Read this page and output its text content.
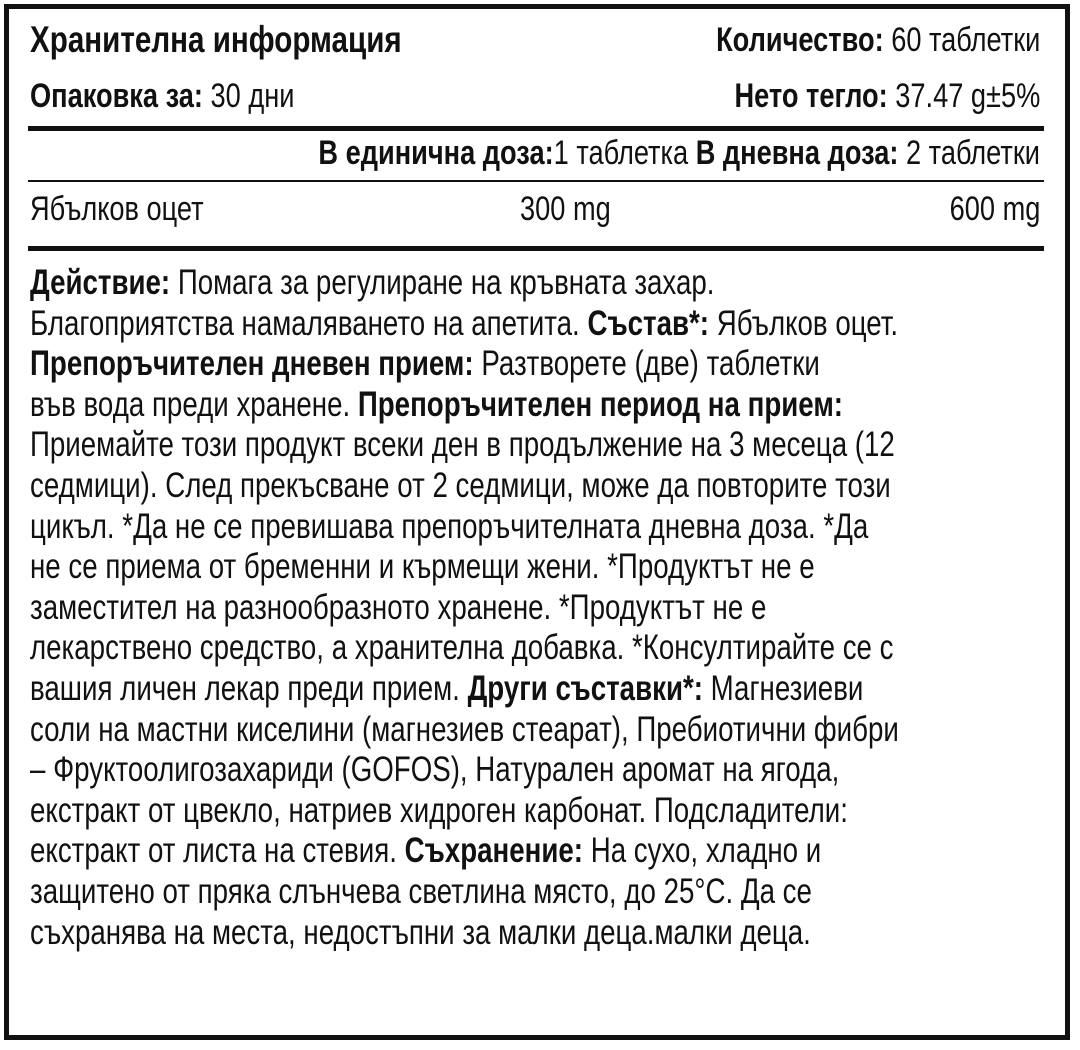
Хранителна информация	Количество: 60 таблетки
Опаковка за: 30 дни	Нето тегло: 37.47 g±5%
В единична доза:1 таблетка В дневна доза: 2 таблетки
Ябълков оцет	300 mg	600 mg
Действие: Помага за регулиране на кръвната захар.
Благоприятства намаляването на апетита. Състав*: Ябълков оцет.
Препоръчителен дневен прием: Разтворете (две) таблетки
във вода преди хранене. Препоръчителен период на прием:
Приемайте този продукт всеки ден в продължение на 3 месеца (12
седмици). След прекъсване от 2 седмици, може да повторите този
цикъл. *Да не се превишава препоръчителната дневна доза. *Да
не се приема от бременни и кърмещи жени. *Продуктът не е
заместител на разнообразното хранене. *Продуктът не е
лекарствено средство, а хранителна добавка. *Консултирайте се с
вашия личен лекар преди прием. Други съставки*: Магнезиеви
соли на мастни киселини (магнезиев стеарат), Пребиотични фибри
– Фруктоолигозахариди (GOFOS), Натурален аромат на ягода,
екстракт от цвекло, натриев хидроген карбонат. Подсладители:
екстракт от листа на стевия. Съхранение: На сухо, хладно и
защитено от пряка слънчева светлина място, до 25°C. Да се
съхранява на места, недостъпни за малки деца.малки деца.
